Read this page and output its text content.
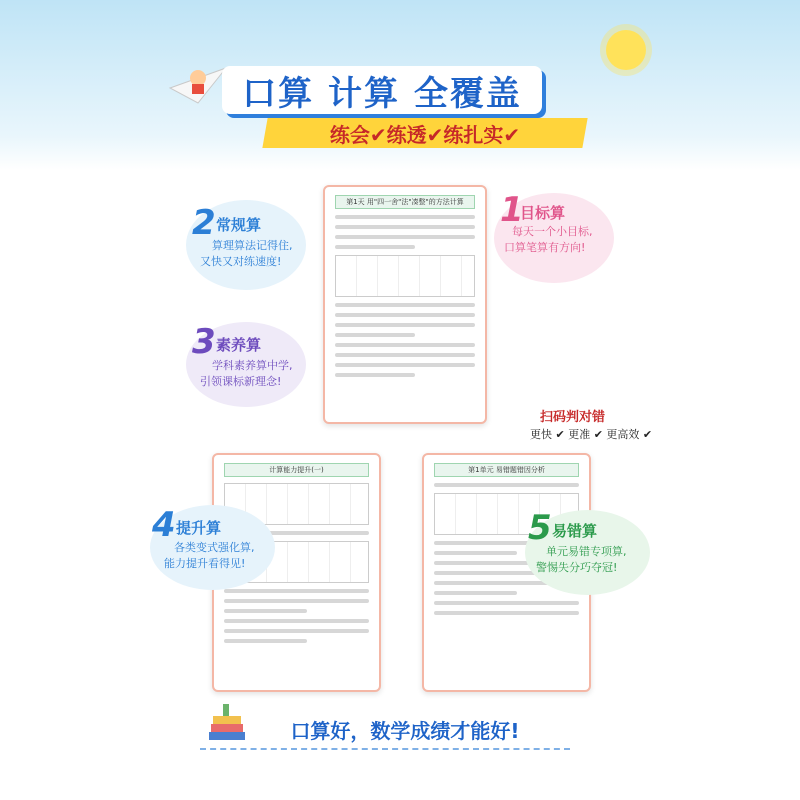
口算 计算 全覆盖
练会✔练透✔练扎实✔
第1天 用"四一舍"法"凑整"的方法计算
计算能力提升(一)	第1单元 易错题错因分析
2 常规算
算理算法记得住,
又快又对练速度!
1
目标算
每天一个小目标,
口算笔算有方向!
3 素养算
学科素养算中学,
引领课标新理念!
4 提升算
各类变式强化算,
能力提升看得见!
5 易错算
单元易错专项算,
警惕失分巧夺冠!
扫码判对错
更快 ✔ 更准 ✔ 更高效 ✔
口算好，数学成绩才能好!
